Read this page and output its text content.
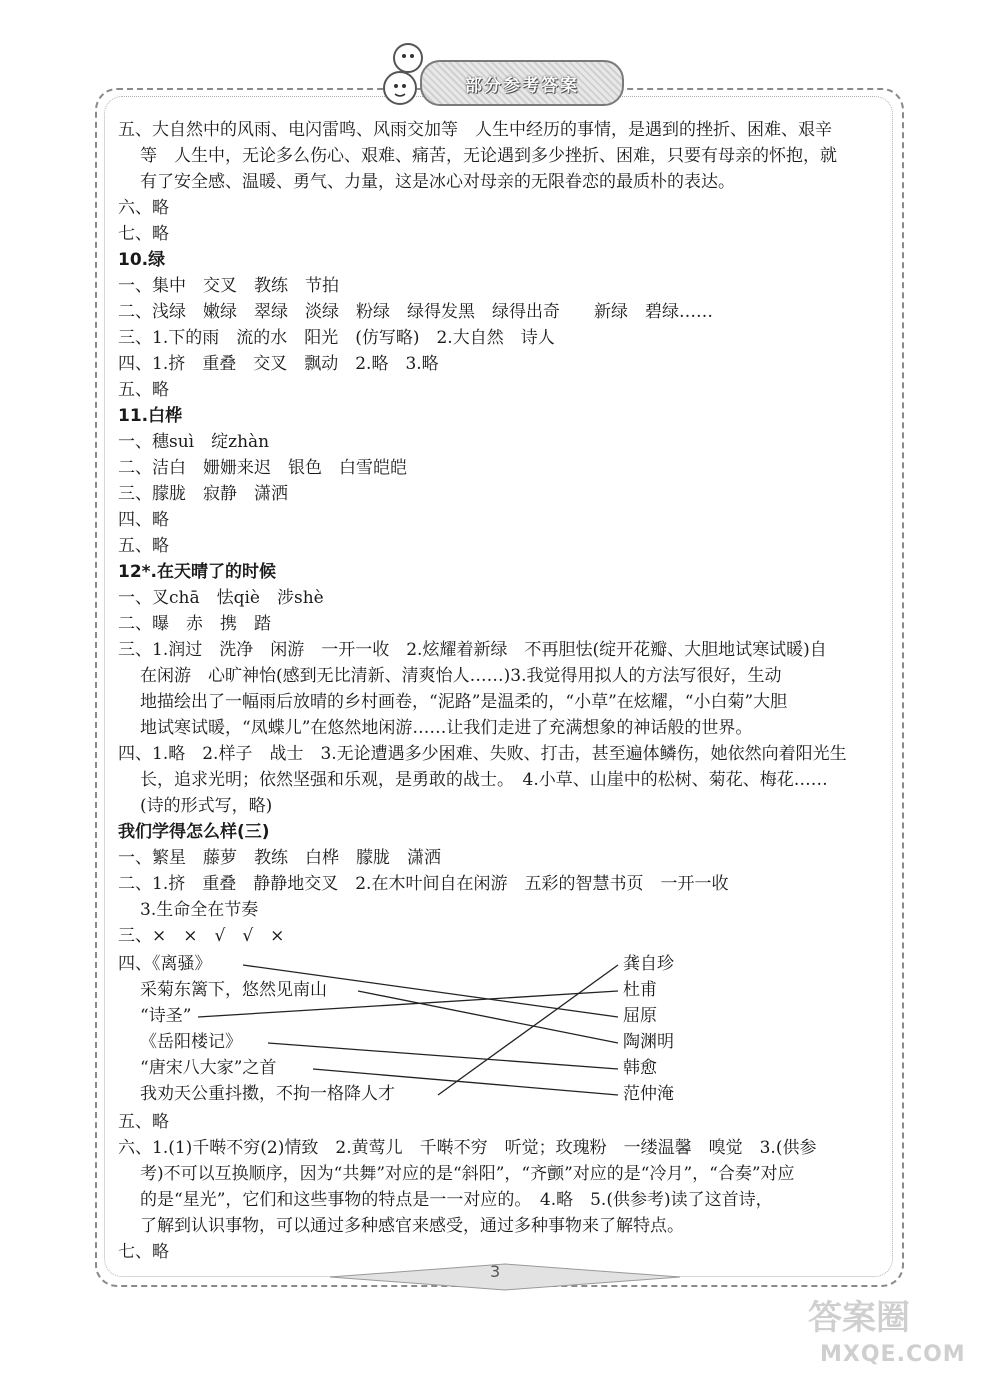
部分参考答案
五、大自然中的风雨、电闪雷鸣、风雨交加等　人生中经历的事情，是遇到的挫折、困难、艰辛
等　人生中，无论多么伤心、艰难、痛苦，无论遇到多少挫折、困难，只要有母亲的怀抱，就
有了安全感、温暖、勇气、力量，这是冰心对母亲的无限眷恋的最质朴的表达。
六、略
七、略
10.绿
一、集中　交叉　教练　节拍
二、浅绿　嫩绿　翠绿　淡绿　粉绿　绿得发黑　绿得出奇　　新绿　碧绿……
三、1.下的雨　流的水　阳光　(仿写略)　2.大自然　诗人
四、1.挤　重叠　交叉　飘动　2.略　3.略
五、略
11.白桦
一、穗suì　绽zhàn
二、洁白　姗姗来迟　银色　白雪皑皑
三、朦胧　寂静　潇洒
四、略
五、略
12*.在天晴了的时候
一、叉chā　怯qiè　涉shè
二、曝　赤　携　踏
三、1.润过　洗净　闲游　一开一收　2.炫耀着新绿　不再胆怯(绽开花瓣、大胆地试寒试暖)自
在闲游　心旷神怡(感到无比清新、清爽怡人……)3.我觉得用拟人的方法写很好，生动
地描绘出了一幅雨后放晴的乡村画卷，“泥路”是温柔的，“小草”在炫耀，“小白菊”大胆
地试寒试暖，“凤蝶儿”在悠然地闲游……让我们走进了充满想象的神话般的世界。
四、1.略　2.样子　战士　3.无论遭遇多少困难、失败、打击，甚至遍体鳞伤，她依然向着阳光生
长，追求光明；依然坚强和乐观，是勇敢的战士。　4.小草、山崖中的松树、菊花、梅花……
(诗的形式写，略)
我们学得怎么样(三)
一、繁星　藤萝　教练　白桦　朦胧　潇洒
二、1.挤　重叠　静静地交叉　2.在木叶间自在闲游　五彩的智慧书页　一开一收
3.生命全在节奏
三、×　×　√　√　×
四、《离骚》
采菊东篱下，悠然见南山
“诗圣”
《岳阳楼记》
“唐宋八大家”之首
我劝天公重抖擞，不拘一格降人才
龚自珍
杜甫
屈原
陶渊明
韩愈
范仲淹
五、略
六、1.(1)千啭不穷(2)情致　2.黄莺儿　千啭不穷　听觉；玫瑰粉　一缕温馨　嗅觉　3.(供参
考)不可以互换顺序，因为“共舞”对应的是“斜阳”，“齐颤”对应的是“冷月”，“合奏”对应
的是“星光”，它们和这些事物的特点是一一对应的。　4.略　5.(供参考)读了这首诗，
了解到认识事物，可以通过多种感官来感受，通过多种事物来了解特点。
七、略
3
答案圈
MXQE.COM
